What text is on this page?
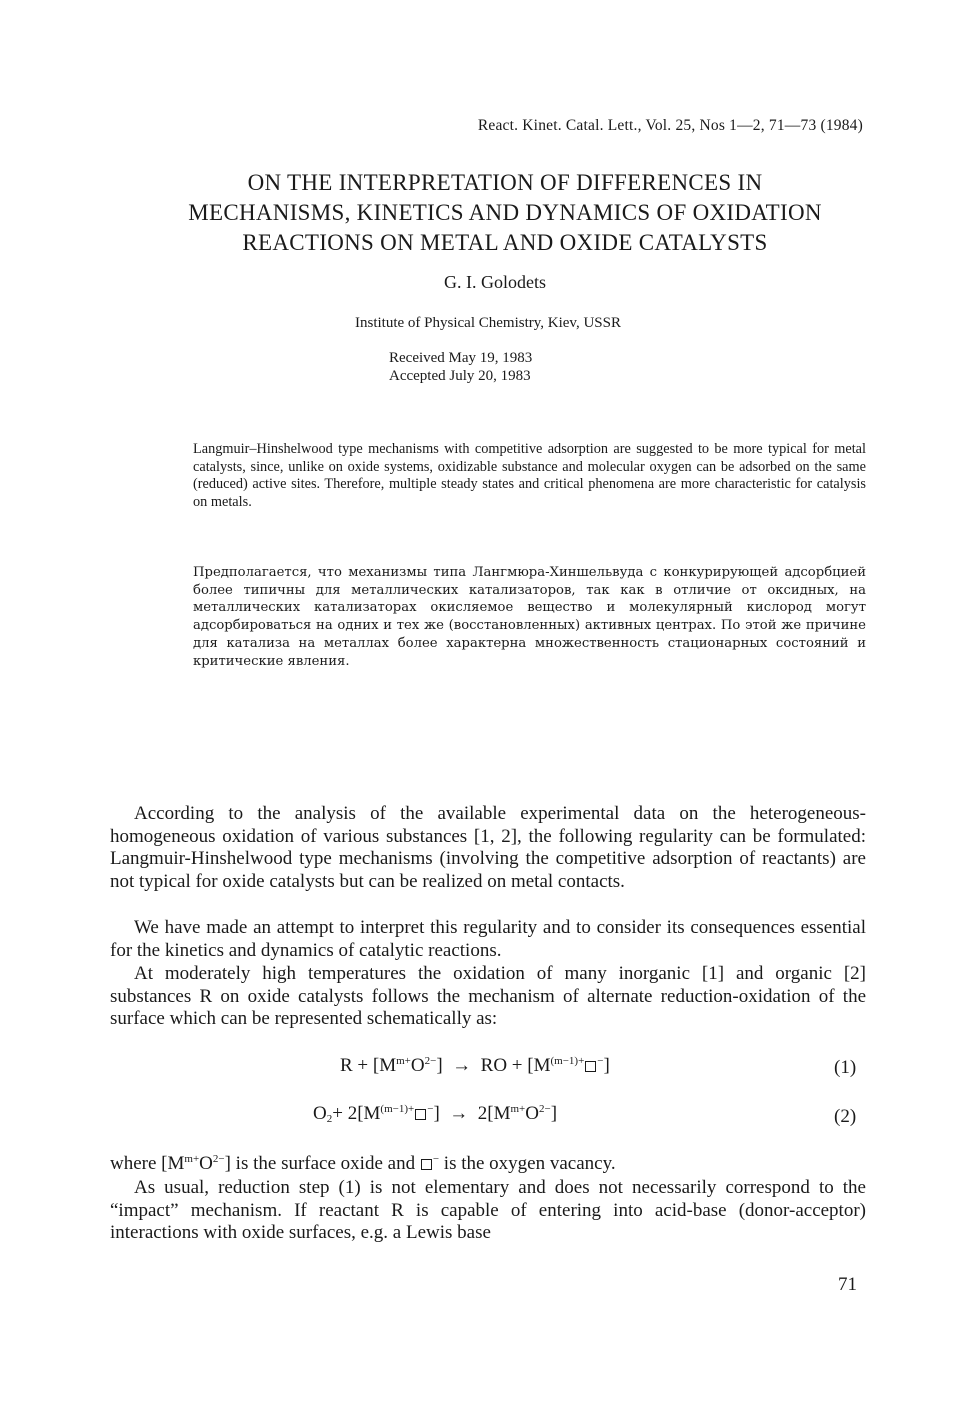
React. Kinet. Catal. Lett., Vol. 25, Nos 1—2, 71—73 (1984)
ON THE INTERPRETATION OF DIFFERENCES IN
MECHANISMS, KINETICS AND DYNAMICS OF OXIDATION
REACTIONS ON METAL AND OXIDE CATALYSTS
G. I. Golodets
Institute of Physical Chemistry, Kiev, USSR
Received May 19, 1983
Accepted July 20, 1983
Langmuir–Hinshelwood type mechanisms with competitive adsorption are suggested to be more typical for metal catalysts, since, unlike on oxide systems, oxidizable substance and molecular oxygen can be adsorbed on the same (reduced) active sites. Therefore, multiple steady states and critical phenomena are more characteristic for catalysis on metals.
Предполагается, что механизмы типа Лангмюра-Хиншельвуда с конкурирующей адсорбцией более типичны для металлических катализаторов, так как в отличие от оксидных, на металлических катализаторах окисляемое вещество и молекулярный кислород могут адсорбироваться на одних и тех же (восстановленных) активных центрах. По этой же причине для катализа на металлах более характерна множественность стационарных состояний и критические явления.
According to the analysis of the available experimental data on the heterogeneous-homogeneous oxidation of various substances [1, 2], the following regularity can be formulated: Langmuir-Hinshelwood type mechanisms (involving the competitive adsorption of reactants) are not typical for oxide catalysts but can be realized on metal contacts.
We have made an attempt to interpret this regularity and to consider its consequences essential for the kinetics and dynamics of catalytic reactions.
At moderately high temperatures the oxidation of many inorganic [1] and organic [2] substances R on oxide catalysts follows the mechanism of alternate reduction-oxidation of the surface which can be represented schematically as:
$R + [M^{m+}O^{2-}]$ → RO + [$M^{(m-1)+}$ −]	(1)
$O_2+ 2[M^{(m-1)+}$ $^-] \to 2[M^{m+}O^{2-}]$	(2)
where $[M^{m+}O^{2-}]$ is the surface oxide and − is the oxygen vacancy.
As usual, reduction step (1) is not elementary and does not necessarily correspond to the “impact” mechanism. If reactant R is capable of entering into acid-base (donor-acceptor) interactions with oxide surfaces, e.g. a Lewis base
71
